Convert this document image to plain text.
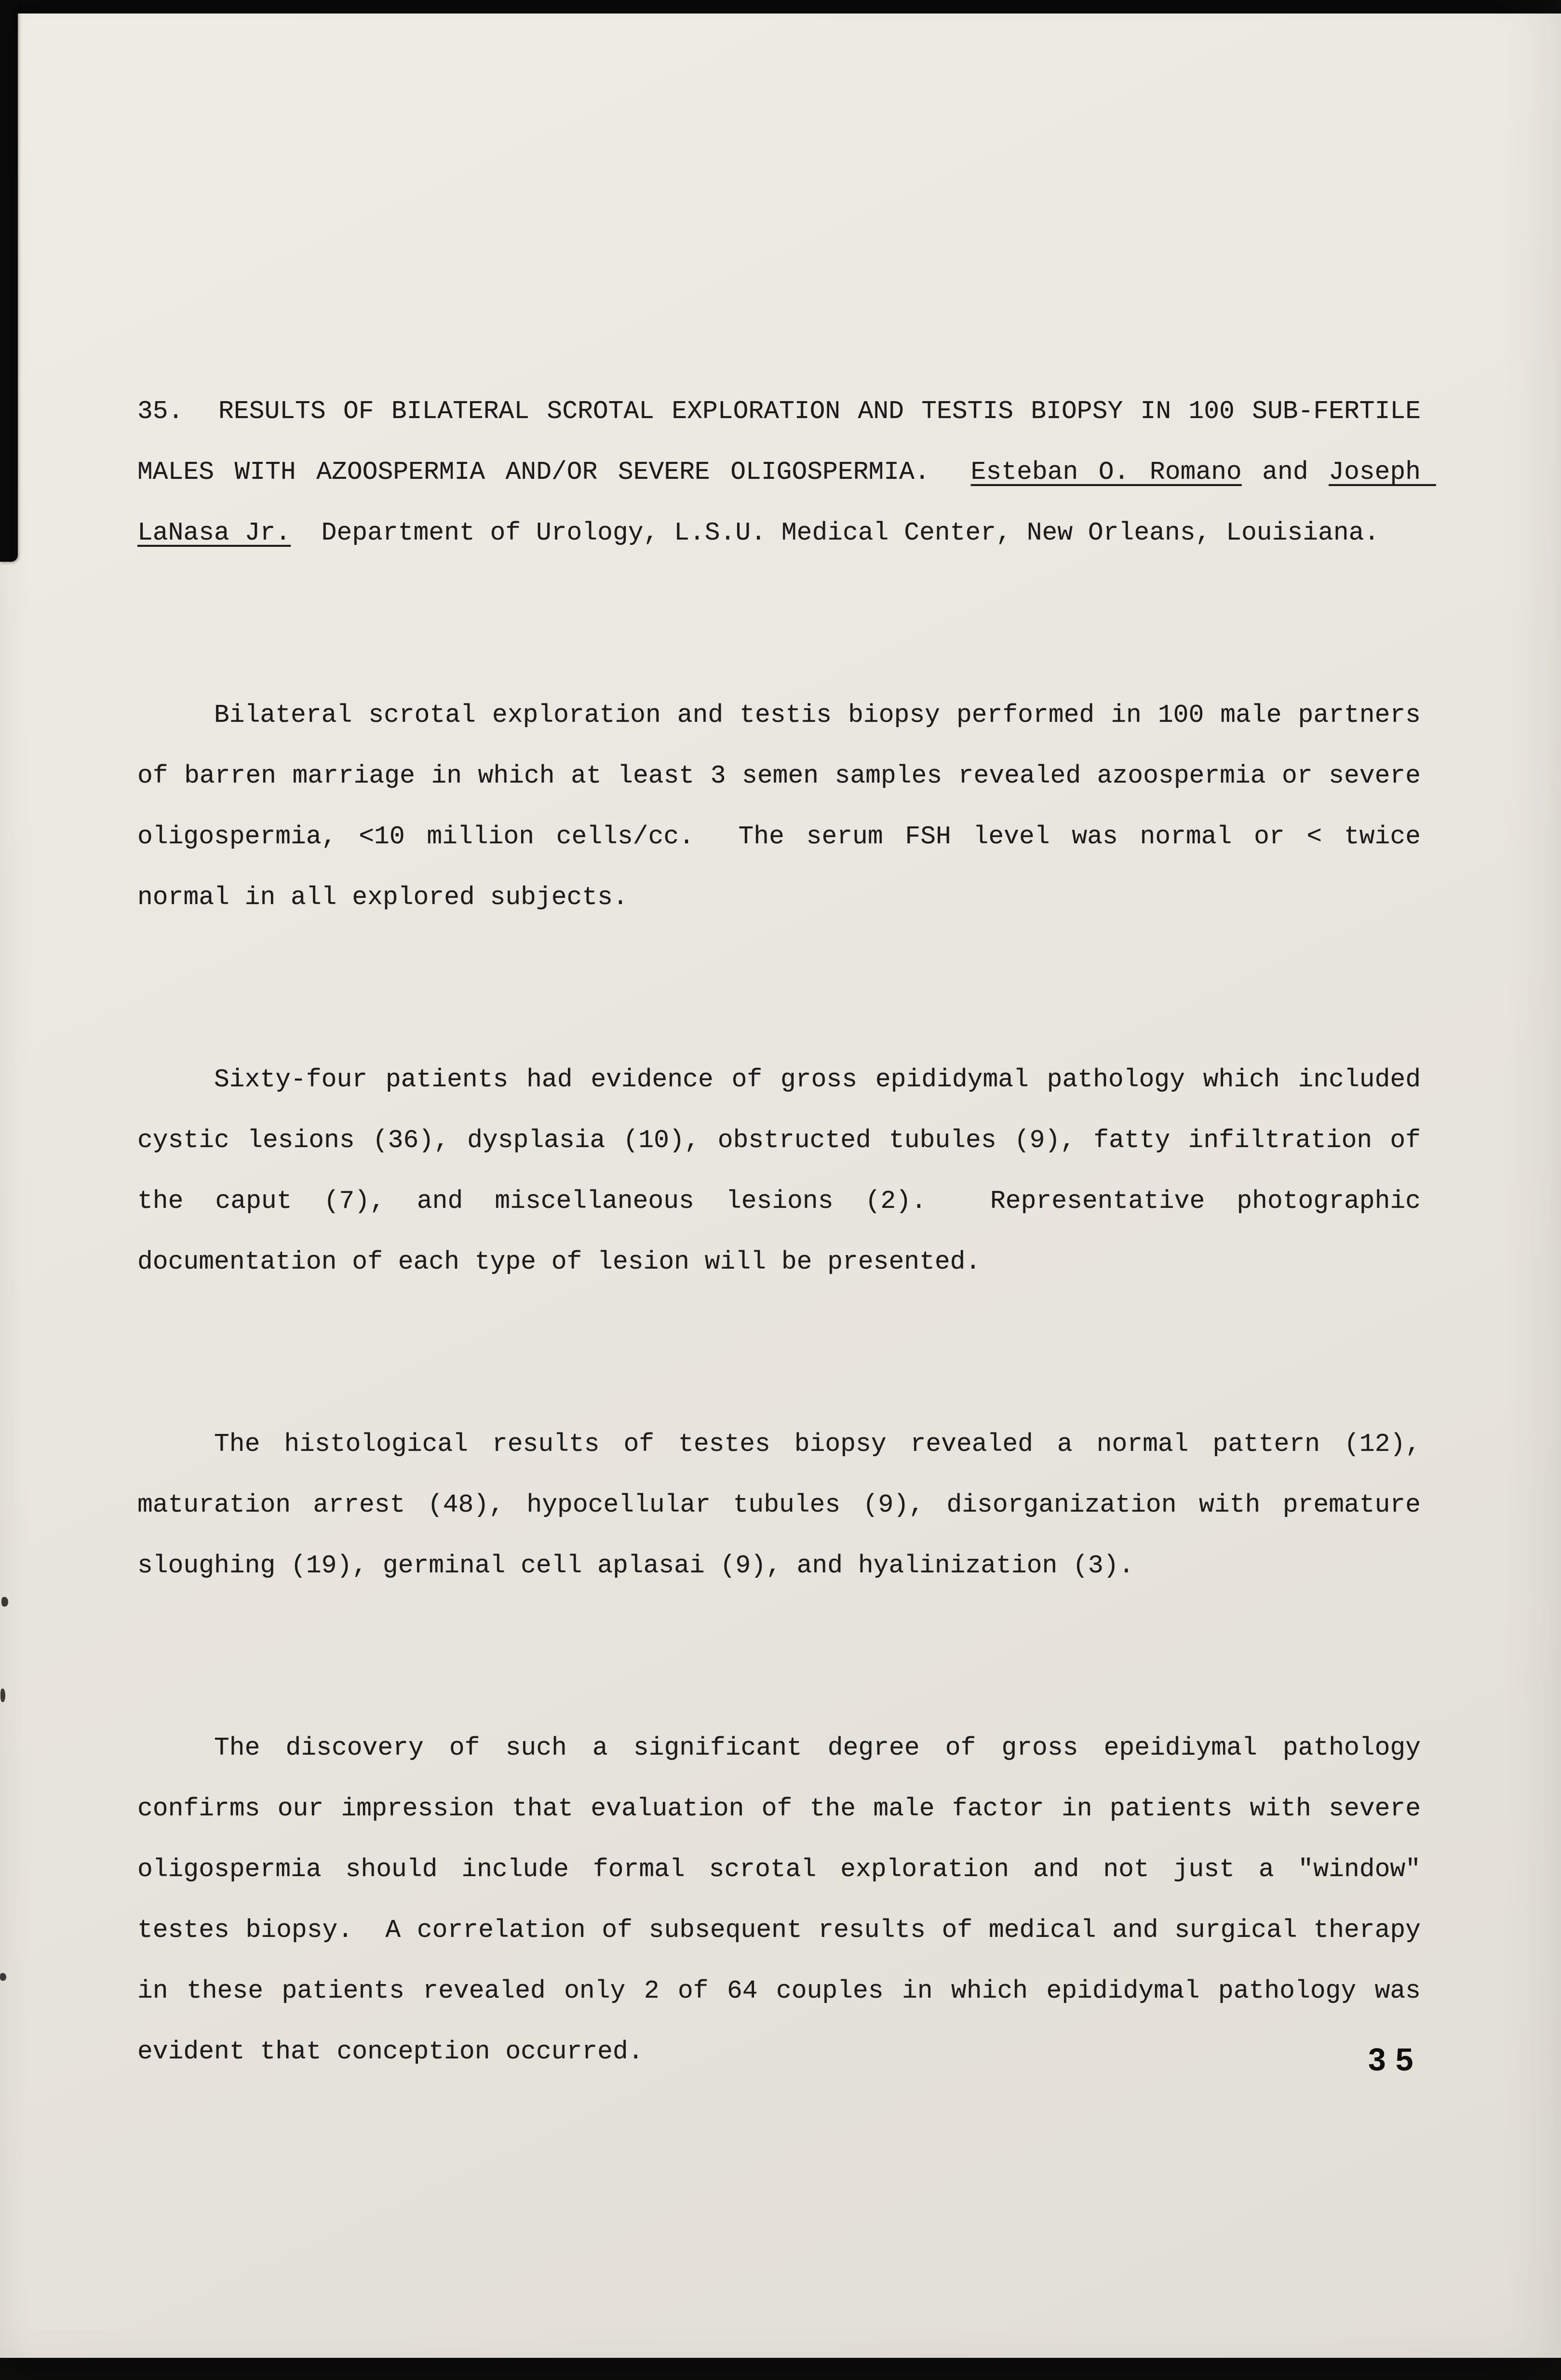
35.  RESULTS OF BILATERAL SCROTAL EXPLORATION AND TESTIS BIOPSY IN 100 SUB-FERTILE MALES WITH AZOOSPERMIA AND/OR SEVERE OLIGOSPERMIA.  Esteban O. Romano and Joseph LaNasa Jr.  Department of Urology, L.S.U. Medical Center, New Orleans, Louisiana.

Bilateral scrotal exploration and testis biopsy performed in 100 male partners of barren marriage in which at least 3 semen samples revealed azoospermia or severe oligospermia, <10 million cells/cc.  The serum FSH level was normal or < twice normal in all explored subjects.

Sixty-four patients had evidence of gross epididymal pathology which included cystic lesions (36), dysplasia (10), obstructed tubules (9), fatty infiltration of the caput (7), and miscellaneous lesions (2).  Representative photographic documentation of each type of lesion will be presented.

The histological results of testes biopsy revealed a normal pattern (12), maturation arrest (48), hypocellular tubules (9), disorganization with premature sloughing (19), germinal cell aplasai (9), and hyalinization (3).

The discovery of such a significant degree of gross epeidiymal pathology confirms our impression that evaluation of the male factor in patients with severe oligospermia should include formal scrotal exploration and not just a "window" testes biopsy.  A correlation of subsequent results of medical and surgical therapy in these patients revealed only 2 of 64 couples in which epididymal pathology was evident that conception occurred.

	35
